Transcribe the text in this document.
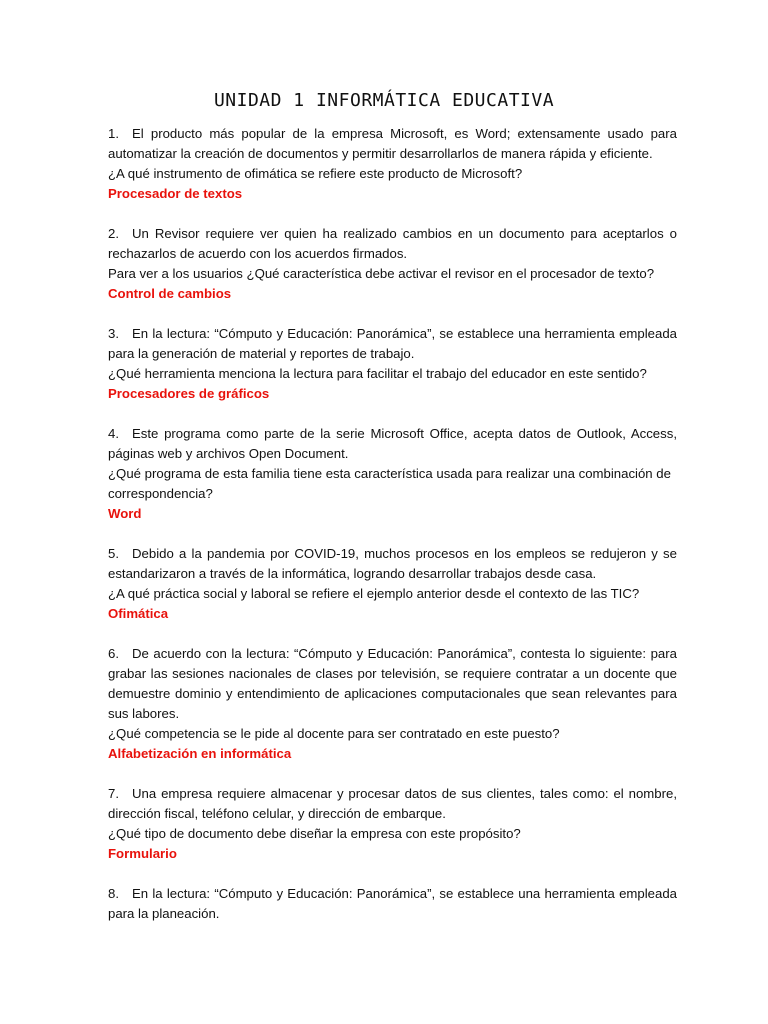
UNIDAD 1 INFORMÁTICA EDUCATIVA

1. El producto más popular de la empresa Microsoft, es Word; extensamente usado para automatizar la creación de documentos y permitir desarrollarlos de manera rápida y eficiente.

¿A qué instrumento de ofimática se refiere este producto de Microsoft?

Procesador de textos

2. Un Revisor requiere ver quien ha realizado cambios en un documento para aceptarlos o rechazarlos de acuerdo con los acuerdos firmados.

Para ver a los usuarios ¿Qué característica debe activar el revisor en el procesador de texto?

Control de cambios

3. En la lectura: “Cómputo y Educación: Panorámica”, se establece una herramienta empleada para la generación de material y reportes de trabajo.

¿Qué herramienta menciona la lectura para facilitar el trabajo del educador en este sentido?

Procesadores de gráficos

4. Este programa como parte de la serie Microsoft Office, acepta datos de Outlook, Access, páginas web y archivos Open Document.

¿Qué programa de esta familia tiene esta característica usada para realizar una combinación de correspondencia?

Word

5. Debido a la pandemia por COVID-19, muchos procesos en los empleos se redujeron y se estandarizaron a través de la informática, logrando desarrollar trabajos desde casa.

¿A qué práctica social y laboral se refiere el ejemplo anterior desde el contexto de las TIC?

Ofimática

6. De acuerdo con la lectura: “Cómputo y Educación: Panorámica”, contesta lo siguiente: para grabar las sesiones nacionales de clases por televisión, se requiere contratar a un docente que demuestre dominio y entendimiento de aplicaciones computacionales que sean relevantes para sus labores.

¿Qué competencia se le pide al docente para ser contratado en este puesto?

Alfabetización en informática

7. Una empresa requiere almacenar y procesar datos de sus clientes, tales como: el nombre, dirección fiscal, teléfono celular, y dirección de embarque.

¿Qué tipo de documento debe diseñar la empresa con este propósito?

Formulario

8. En la lectura: “Cómputo y Educación: Panorámica”, se establece una herramienta empleada para la planeación.
